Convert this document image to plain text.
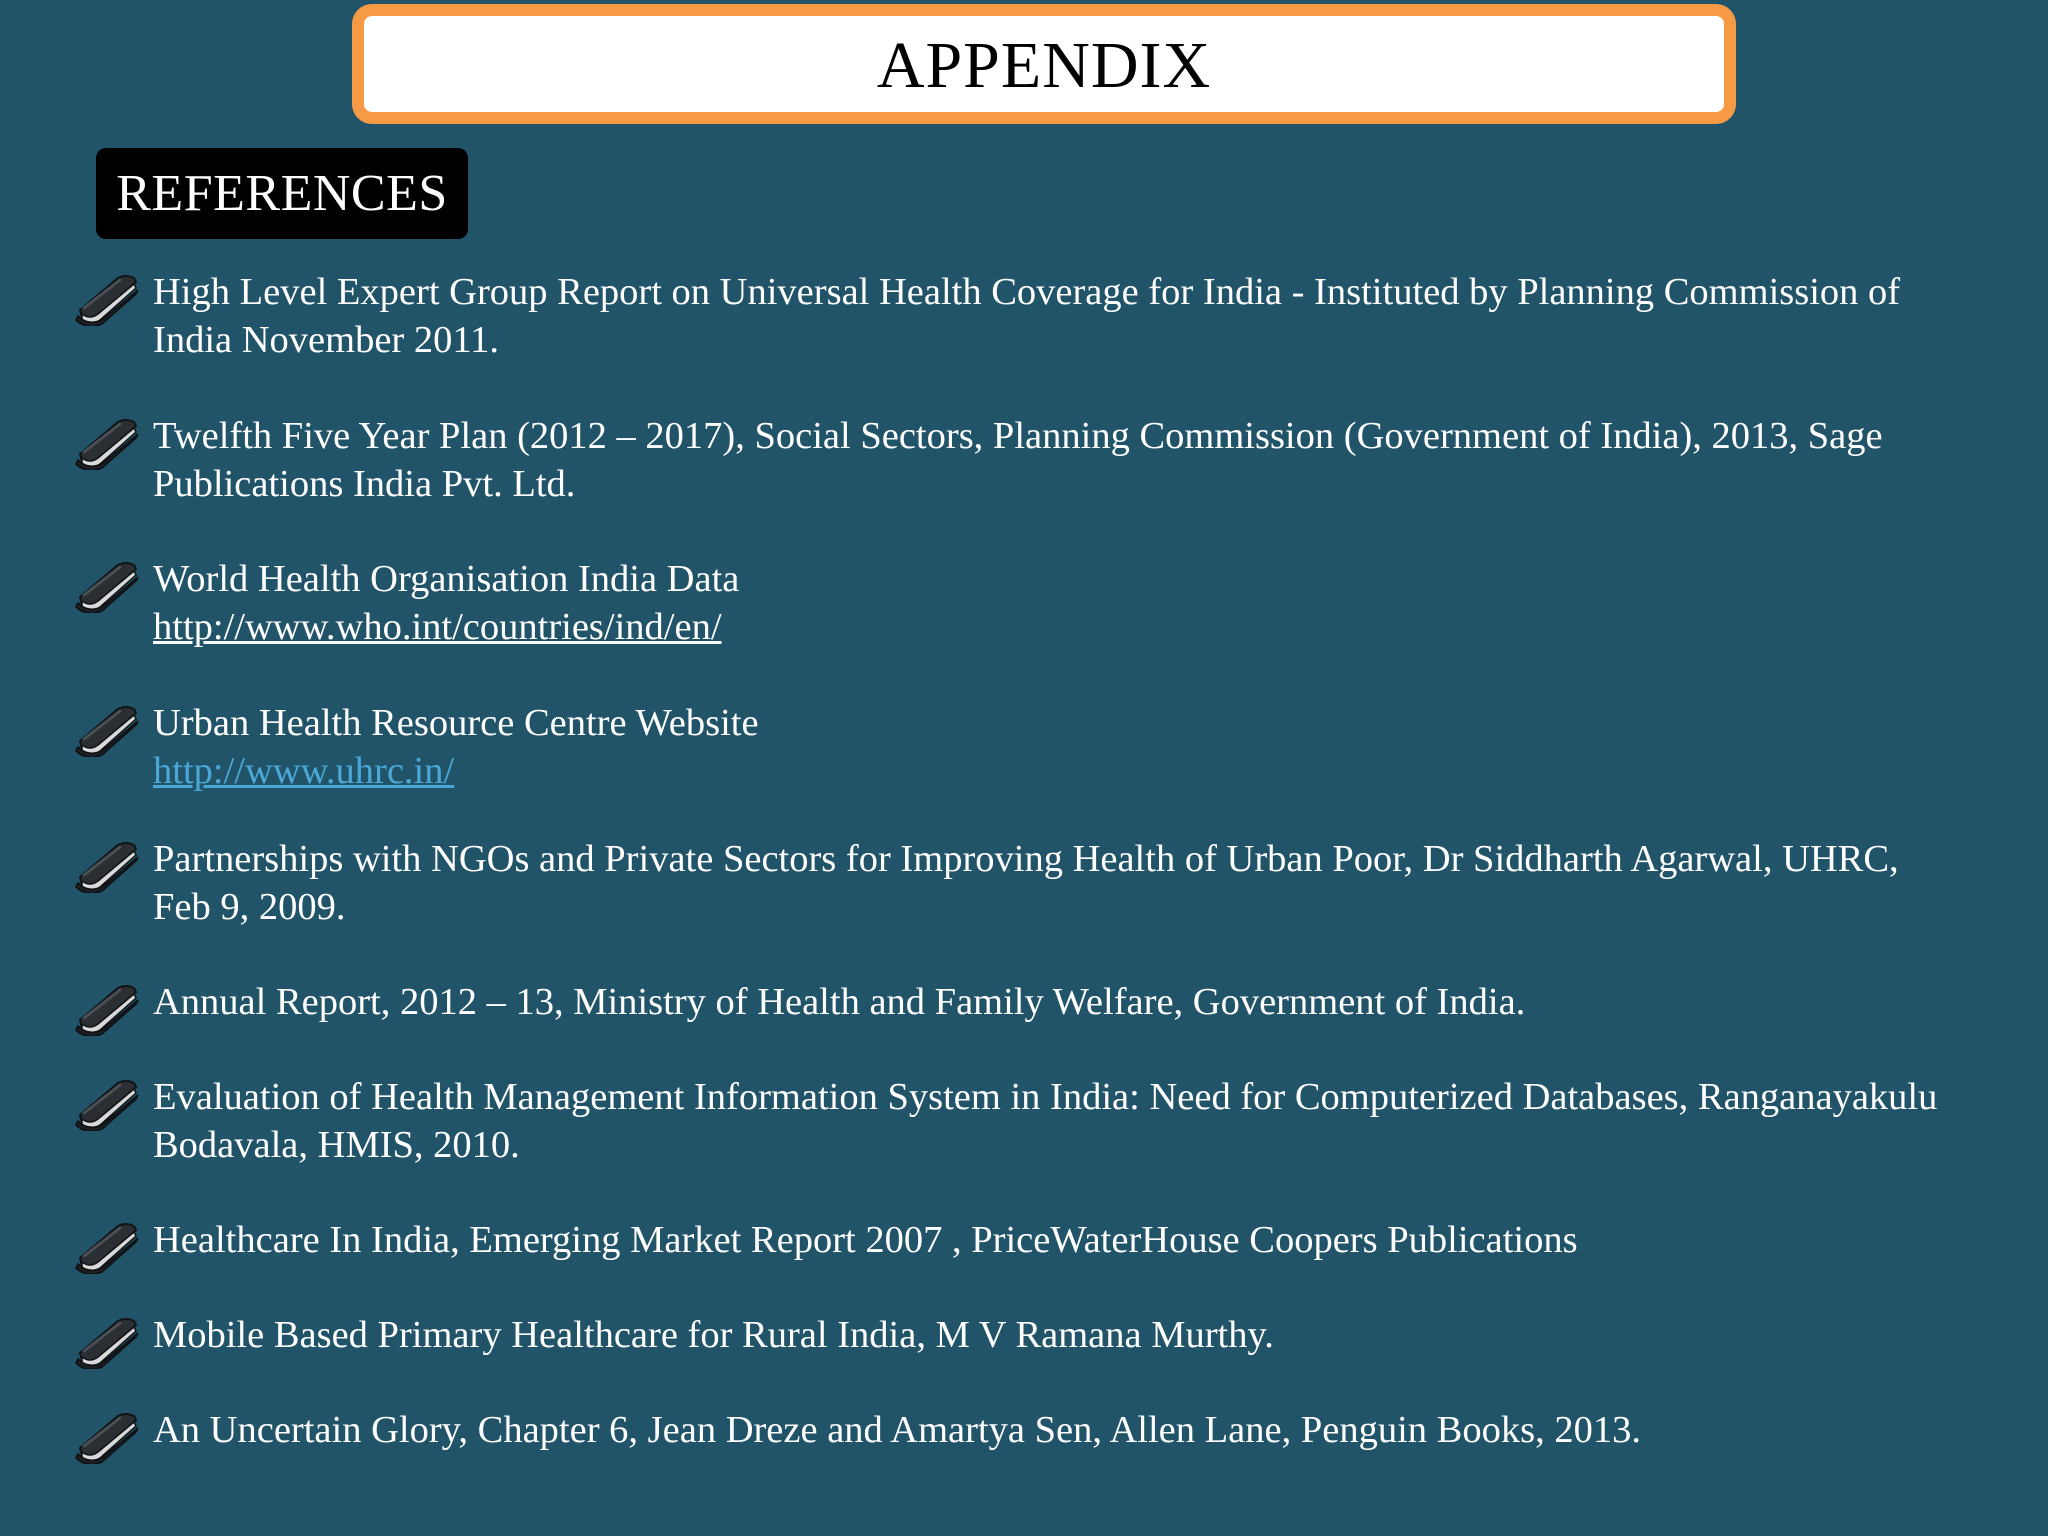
APPENDIX
REFERENCES
High Level Expert Group Report on Universal Health Coverage for India - Instituted by Planning Commission of
India November 2011.
Twelfth Five Year Plan (2012 – 2017), Social Sectors, Planning Commission (Government of India), 2013, Sage
Publications India Pvt. Ltd.
World Health Organisation India Data
http://www.who.int/countries/ind/en/
Urban Health Resource Centre Website
http://www.uhrc.in/
Partnerships with NGOs and Private Sectors for Improving Health of Urban Poor, Dr Siddharth Agarwal, UHRC,
Feb 9, 2009.
Annual Report, 2012 – 13, Ministry of Health and Family Welfare, Government of India.
Evaluation of Health Management Information System in India: Need for Computerized Databases, Ranganayakulu
Bodavala, HMIS, 2010.
Healthcare In India, Emerging Market Report 2007 , PriceWaterHouse Coopers Publications
Mobile Based Primary Healthcare for Rural India, M V Ramana Murthy.
An Uncertain Glory, Chapter 6, Jean Dreze and Amartya Sen, Allen Lane, Penguin Books, 2013.
